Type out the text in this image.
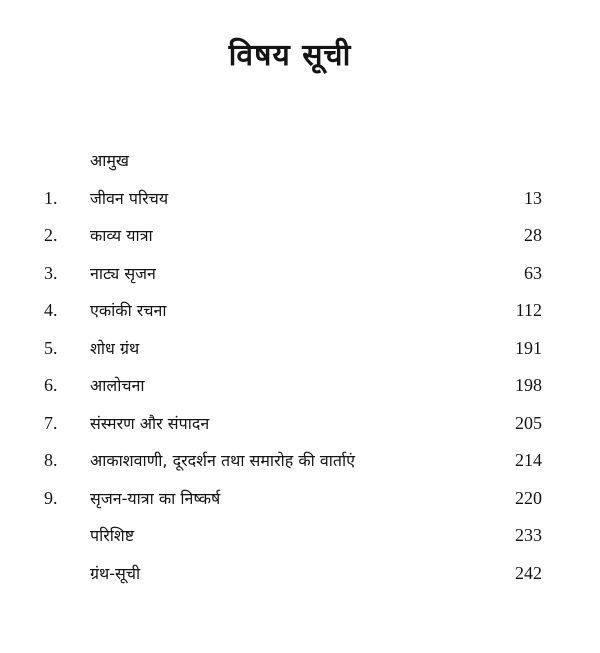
विषय सूची
आमुख
1. जीवन परिचय	13
2. काव्य यात्रा	28
3. नाट्य सृजन	63
4. एकांकी रचना	112
5. शोध ग्रंथ	191
6. आलोचना	198
7. संस्मरण और संपादन	205
8. आकाशवाणी, दूरदर्शन तथा समारोह की वार्ताएं	214
9. सृजन-यात्रा का निष्कर्ष	220
परिशिष्ट	233
ग्रंथ-सूची	242
